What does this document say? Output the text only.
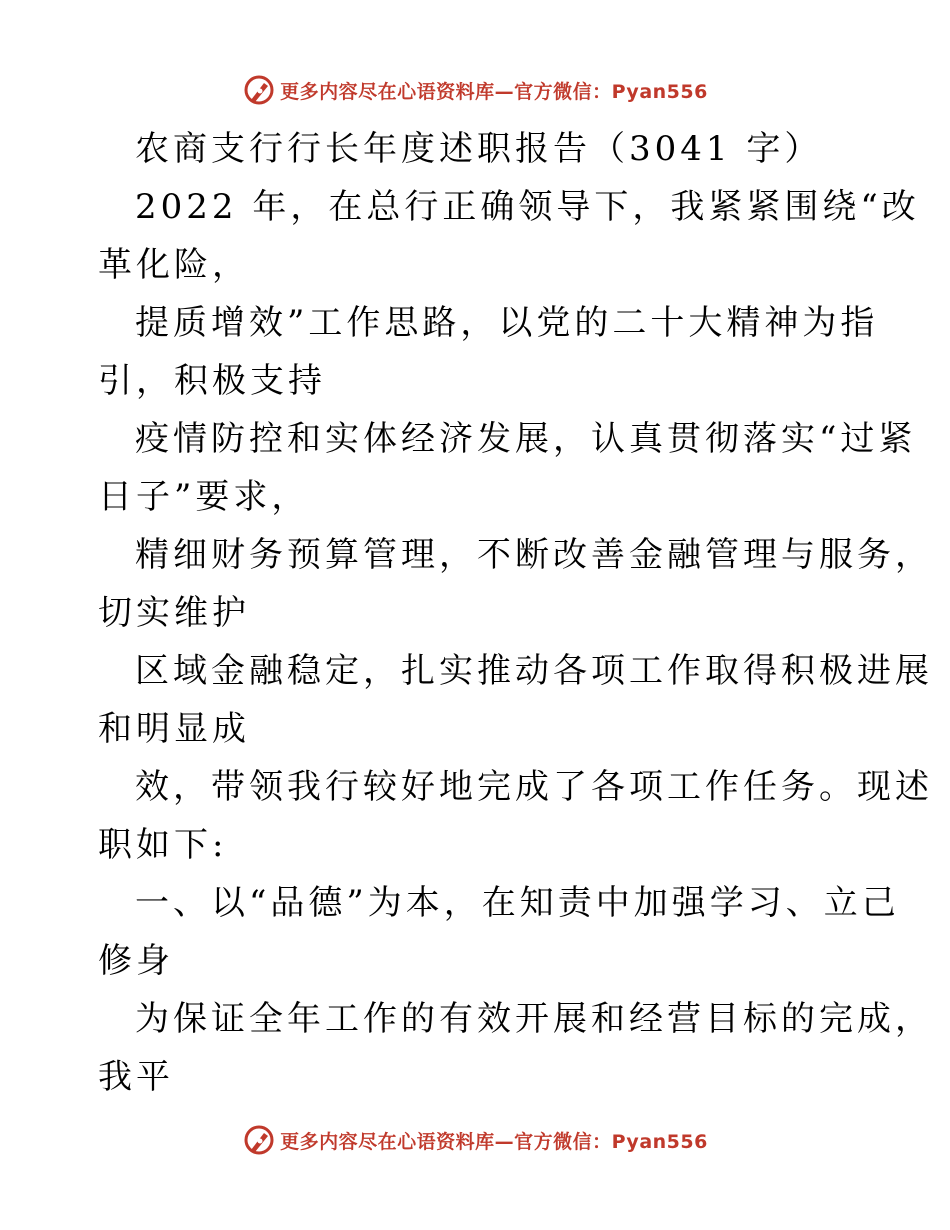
更多内容尽在心语资料库—官方微信：Pyan556
农商支行行长年度述职报告（3041 字）
2022 年，在总行正确领导下，我紧紧围绕“改
革化险，
提质增效”工作思路，以党的二十大精神为指
引，积极支持
疫情防控和实体经济发展，认真贯彻落实“过紧
日子”要求，
精细财务预算管理，不断改善金融管理与服务，
切实维护
区域金融稳定，扎实推动各项工作取得积极进展
和明显成
效，带领我行较好地完成了各项工作任务。现述
职如下:
一、以“品德”为本，在知责中加强学习、立己
修身
为保证全年工作的有效开展和经营目标的完成，
我平
更多内容尽在心语资料库—官方微信：Pyan556
